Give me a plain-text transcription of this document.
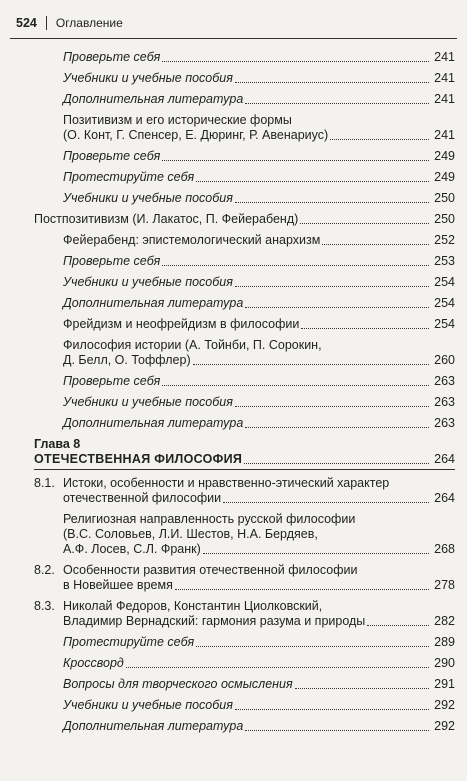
524 Оглавление
Проверьте себя	241
Учебники и учебные пособия	241
Дополнительная литература	241
Позитивизм и его исторические формы
(О. Конт, Г. Спенсер, Е. Дюринг, Р. Авенариус)	241
Проверьте себя	249
Протестируйте себя	249
Учебники и учебные пособия	250
Постпозитивизм (И. Лакатос, П. Фейерабенд)	250
Фейерабенд: эпистемологический анархизм	252
Проверьте себя	253
Учебники и учебные пособия	254
Дополнительная литература	254
Фрейдизм и неофрейдизм в философии	254
Философия истории (А. Тойнби, П. Сорокин,
Д. Белл, О. Тоффлер)	260
Проверьте себя	263
Учебники и учебные пособия	263
Дополнительная литература	263
Глава 8
ОТЕЧЕСТВЕННАЯ ФИЛОСОФИЯ	264
8.1. Истоки, особенности и нравственно-этический характер
отечественной философии	264
Религиозная направленность русской философии
(В.С. Соловьев, Л.И. Шестов, Н.А. Бердяев,
А.Ф. Лосев, С.Л. Франк)	268
8.2. Особенности развития отечественной философии
в Новейшее время	278
8.3. Николай Федоров, Константин Циолковский,
Владимир Вернадский: гармония разума и природы	282
Протестируйте себя	289
Кроссворд	290
Вопросы для творческого осмысления	291
Учебники и учебные пособия	292
Дополнительная литература	292
